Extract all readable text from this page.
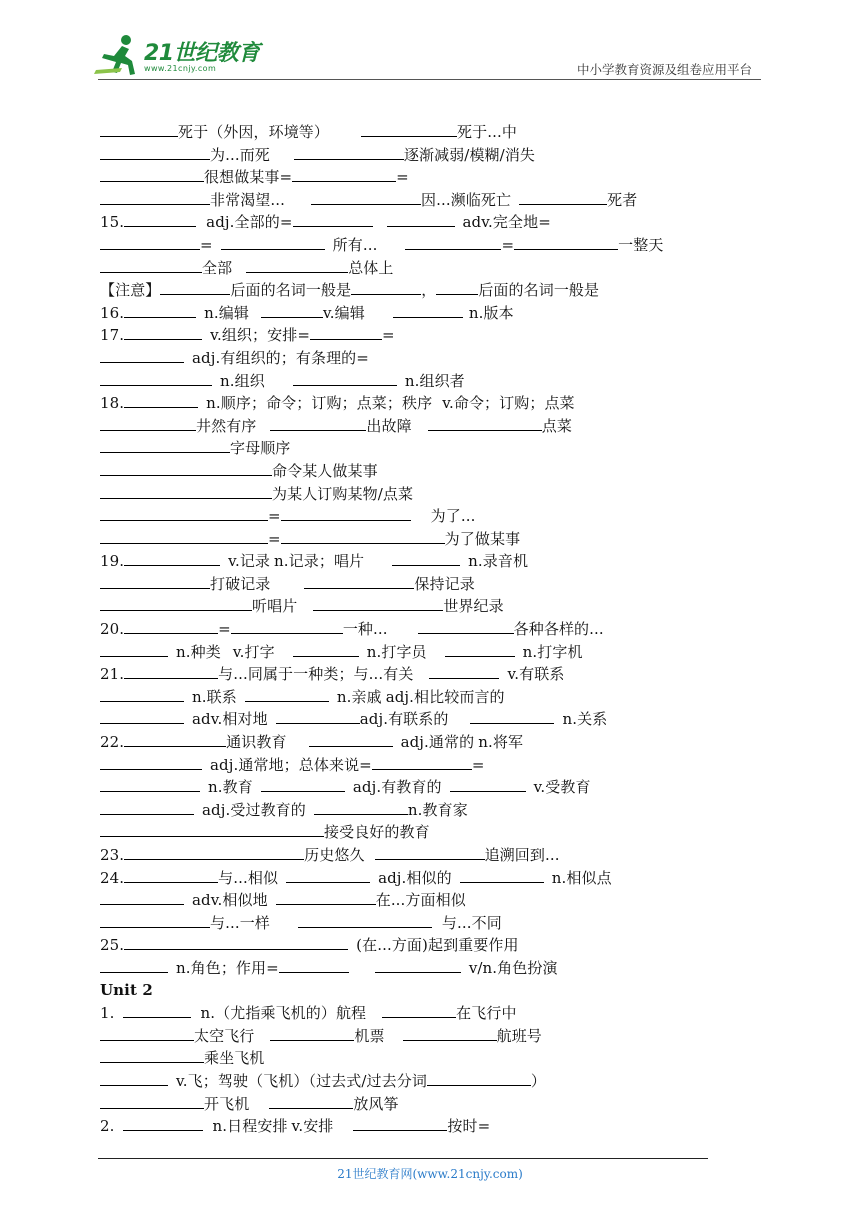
21世纪教育
www.21cnjy.com	中小学教育资源及组卷应用平台
死于（外因，环境等）	死于...中
为...而死	逐渐减弱/模糊/消失
很想做某事=	=
非常渴望...	因...濒临死亡	死者
15.	adj.全部的=	adv.完全地=
=	所有...	=	一整天
全部	总体上
【注意】	后面的名词一般是	，	后面的名词一般是
16.	n.编辑	v.编辑	n.版本
17.	v.组织；安排=	=
adj.有组织的；有条理的=
n.组织	n.组织者
18.	n.顺序；命令；订购；点菜；秩序 v.命令；订购；点菜
井然有序	出故障	点菜
字母顺序
命令某人做某事
为某人订购某物/点菜
=	为了...
=	为了做某事
19.	v.记录 n.记录；唱片	n.录音机
打破记录	保持记录
听唱片	世界纪录
20.	=	一种...	各种各样的...
n.种类 v.打字	n.打字员	n.打字机
21.	与...同属于一种类；与...有关	v.有联系
n.联系	n.亲戚 adj.相比较而言的
adv.相对地	adj.有联系的	n.关系
22.	通识教育	adj.通常的 n.将军
adj.通常地；总体来说=	=
n.教育	adj.有教育的	v.受教育
adj.受过教育的	n.教育家
接受良好的教育
23.	历史悠久	追溯回到...
24.	与...相似	adj.相似的	n.相似点
adv.相似地	在...方面相似
与...一样	与...不同
25.	(在...方面)起到重要作用
n.角色；作用=	v/n.角色扮演
Unit 2
1.	n.（尤指乘飞机的）航程	在飞行中
太空飞行	机票	航班号
乘坐飞机
v.飞；驾驶（飞机）（过去式/过去分词	）
开飞机	放风筝
2.	n.日程安排 v.安排	按时=
21世纪教育网(www.21cnjy.com)
